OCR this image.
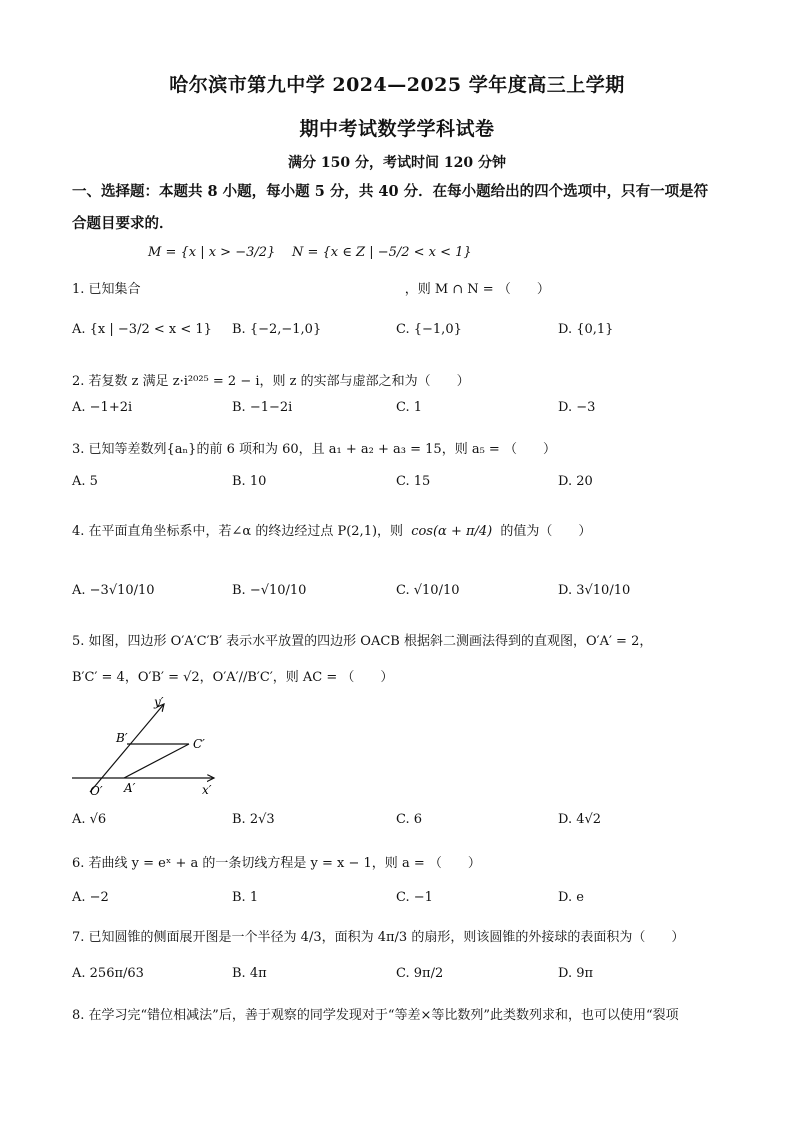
哈尔滨市第九中学 2024—2025 学年度高三上学期
期中考试数学学科试卷
满分 150 分，考试时间 120 分钟
一、选择题：本题共 8 小题，每小题 5 分，共 40 分．在每小题给出的四个选项中，只有一项是符合题目要求的．
M = {x | x > −3/2} N = {x ∈ Z | −5/2 < x < 1}
1. 已知集合	，则 M ∩ N = （　　）
A. {x | −3/2 < x < 1} B. {−2,−1,0}	C. {−1,0}	D. {0,1}
2. 若复数 z 满足 z·i²⁰²⁵ = 2 − i，则 z 的实部与虚部之和为（　　）
A. −1+2i	B. −1−2i	C. 1	D. −3
3. 已知等差数列{aₙ}的前 6 项和为 60，且 a₁ + a₂ + a₃ = 15，则 a₅ = （　　）
A. 5	B. 10	C. 15	D. 20
4. 在平面直角坐标系中，若∠α 的终边经过点 P(2,1)，则 cos(α + π/4) 的值为（　　）
A. −3√10/10	B. −√10/10	C. √10/10	D. 3√10/10
5. 如图，四边形 O′A′C′B′ 表示水平放置的四边形 OACB 根据斜二测画法得到的直观图，O′A′ = 2，
B′C′ = 4，O′B′ = √2，O′A′//B′C′，则 AC = （　　）
y′
B′	C′
O′ A′	x′
A. √6	B. 2√3	C. 6	D. 4√2
6. 若曲线 y = eˣ + a 的一条切线方程是 y = x − 1，则 a = （　　）
A. −2	B. 1	C. −1	D. e
7. 已知圆锥的侧面展开图是一个半径为 4/3，面积为 4π/3 的扇形，则该圆锥的外接球的表面积为（　　）
A. 256π/63	B. 4π	C. 9π/2	D. 9π
8. 在学习完“错位相减法”后，善于观察的同学发现对于“等差×等比数列”此类数列求和，也可以使用“裂项
